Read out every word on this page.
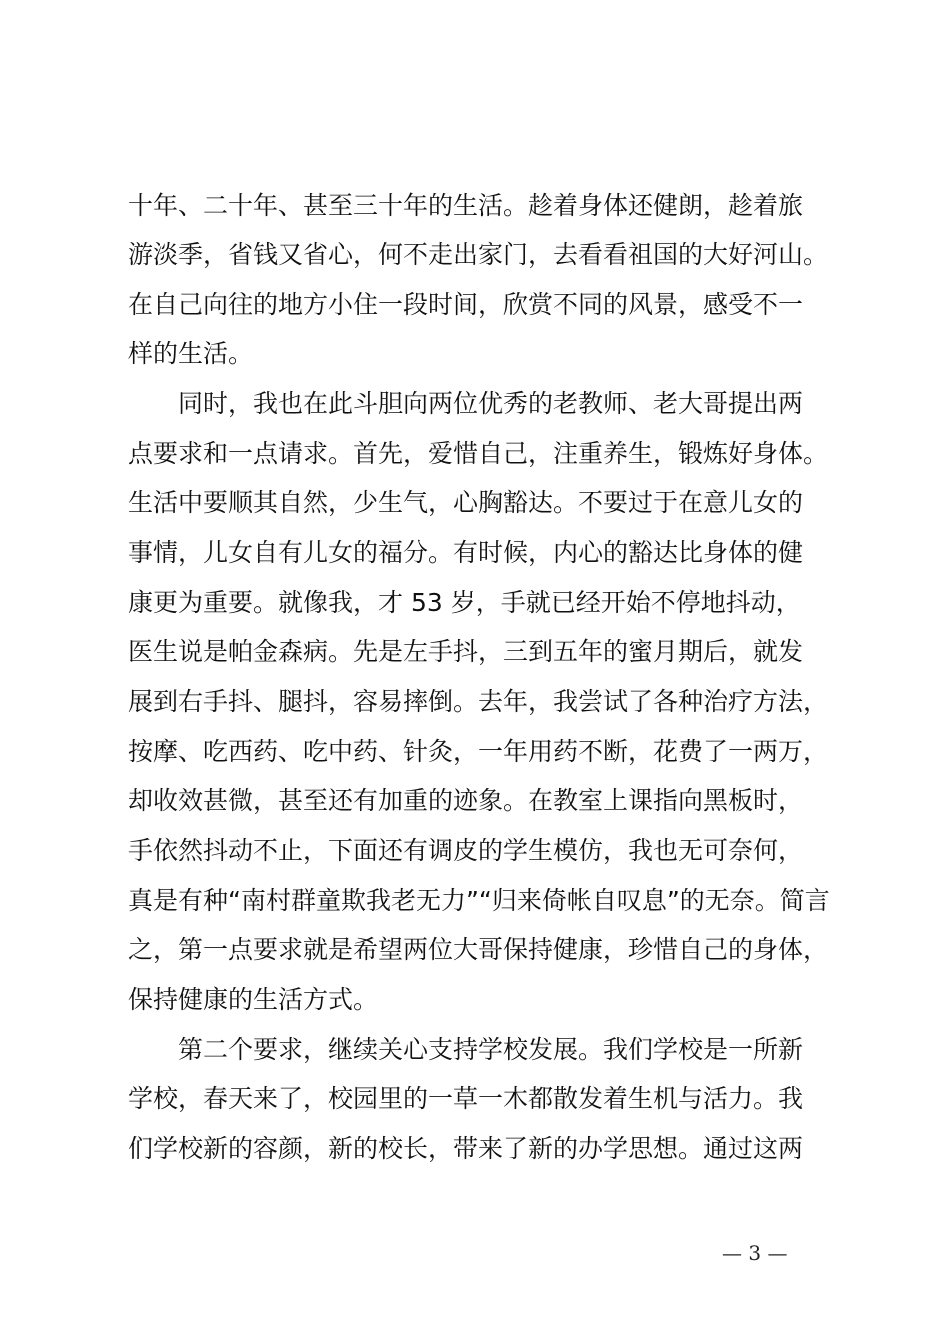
十年、二十年、甚至三十年的生活。趁着身体还健朗，趁着旅
游淡季，省钱又省心，何不走出家门，去看看祖国的大好河山。
在自己向往的地方小住一段时间，欣赏不同的风景，感受不一
样的生活。
同时，我也在此斗胆向两位优秀的老教师、老大哥提出两
点要求和一点请求。首先，爱惜自己，注重养生，锻炼好身体。
生活中要顺其自然，少生气，心胸豁达。不要过于在意儿女的
事情，儿女自有儿女的福分。有时候，内心的豁达比身体的健
康更为重要。就像我，才 53 岁，手就已经开始不停地抖动，
医生说是帕金森病。先是左手抖，三到五年的蜜月期后，就发
展到右手抖、腿抖，容易摔倒。去年，我尝试了各种治疗方法，
按摩、吃西药、吃中药、针灸，一年用药不断，花费了一两万，
却收效甚微，甚至还有加重的迹象。在教室上课指向黑板时，
手依然抖动不止，下面还有调皮的学生模仿，我也无可奈何，
真是有种“南村群童欺我老无力”“归来倚帐自叹息”的无奈。简言
之，第一点要求就是希望两位大哥保持健康，珍惜自己的身体，
保持健康的生活方式。
第二个要求，继续关心支持学校发展。我们学校是一所新
学校，春天来了，校园里的一草一木都散发着生机与活力。我
们学校新的容颜，新的校长，带来了新的办学思想。通过这两
— 3 —
